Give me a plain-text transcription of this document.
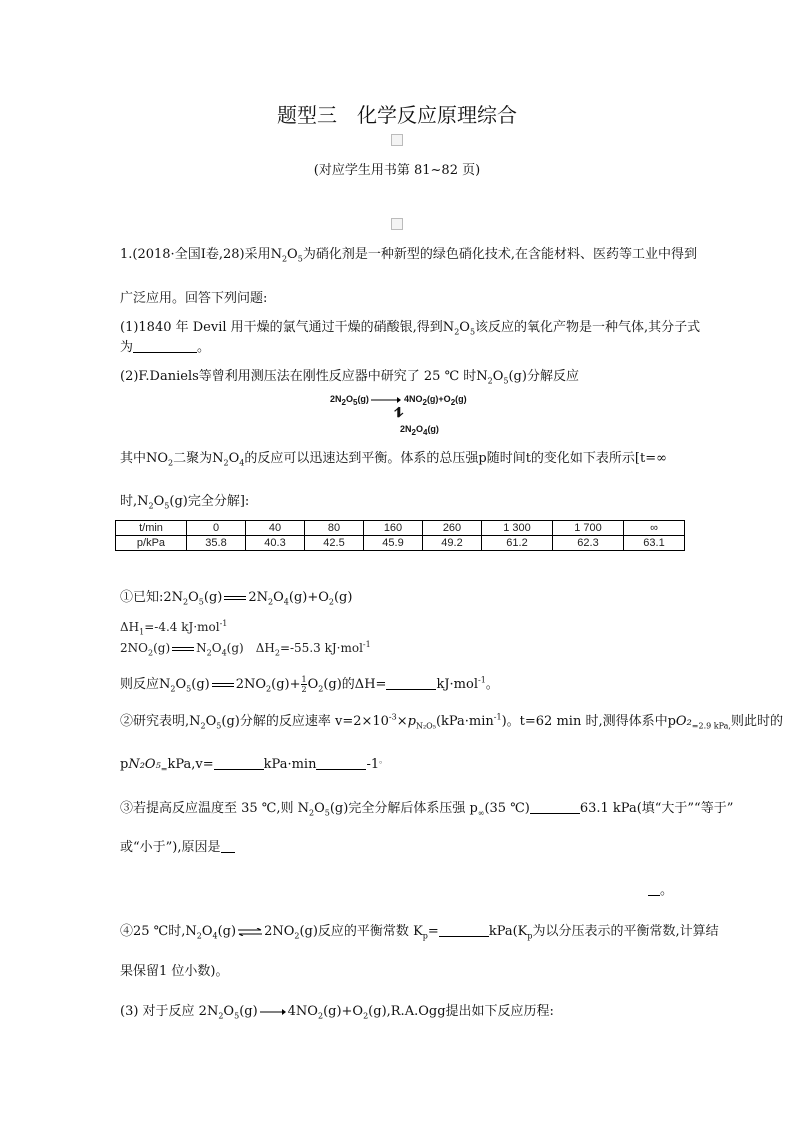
题型三　化学反应原理综合
(对应学生用书第 81~82 页)
1.(2018·全国Ⅰ卷,28)采用$N_2O_5$为硝化剂是一种新型的绿色硝化技术,在含能材料、医药等工业中得到
广泛应用。回答下列问题:
(1)1840 年 Devil 用干燥的氯气通过干燥的硝酸银,得到$N_2O_5$该反应的氧化产物是一种气体,其分子式
为	。
(2)F.Daniels等曾利用测压法在刚性反应器中研究了 25 ℃ 时$N_2O_5(g)$分解反应
$2N_2O_5(g) \to 4NO_2(g)+O_2(g)$
⥮
$2N_2O_4(g)$
其中$NO_2$二聚为$N_2O_4$的反应可以迅速达到平衡。体系的总压强p随时间t的变化如下表所示[t=∞
时$,N_2O_5(g)$完全分解]:
t/min	0	40	80	160	260	1 300	1 700	∞
p/kPa	35.8	40.3	42.5	45.9	49.2	61.2	62.3	63.1
①已知$:2N_2O_5(g)$ $2N_2O_4(g)+O_2(g)$
$\Delta H_1=-4.4$ kJ·mol$^{-1}$
$2NO_2(g)$ $N_2O_4(g)$　$\Delta H_2=-55.3$ kJ·mol$^{-1}$
则反应$N_2O_5(g)$ $2NO_2(g)+ \frac{1}{2} O_2(g)$的ΔH=	kJ·mol$^{-1}$。
②研究表明$,N_2O_5(g)$分解的反应速率 $v=2\times 10^{-3}\times p_{N_2O_5}(kPa\cdot\min^{-1})$。t=62 min 时,测得体系中$pO_2_{=2.9 kPa,}$则此时的
$pN_2O_5_=kPa,v=$	kPa·min	-1。
③若提高反应温度至 35 ℃,则 $N_2O_5(g)$完全分解后体系压强 $p_\infty(35$ ℃)	63.1 kPa(填“大于”“等于”
或“小于”),原因是
。
④25 ℃时$,N_2O_4(g)$ ⇌ $2NO_2(g)$反应的平衡常数 $K_p=$	$kPa(K_p$为以分压表示的平衡常数,计算结
果保留1 位小数)。
(3) 对于反应 $2N_2O_5(g) \to 4NO_2(g)+O_2(g),R.A.Ogg$提出如下反应历程:
